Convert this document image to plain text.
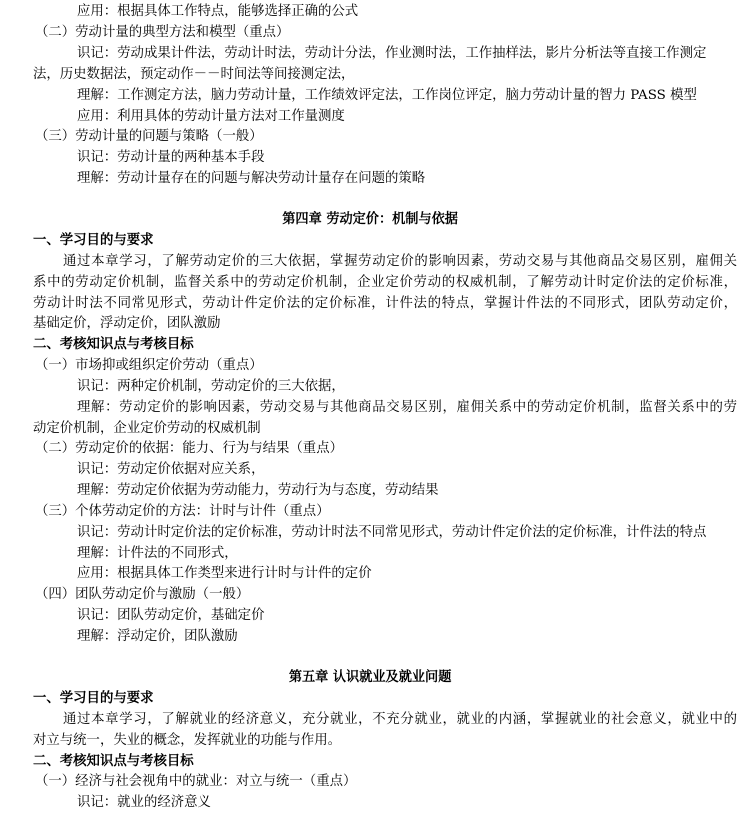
应用：根据具体工作特点，能够选择正确的公式
（二）劳动计量的典型方法和模型（重点）
识记：劳动成果计件法，劳动计时法，劳动计分法，作业测时法，工作抽样法，影片分析法等直接工作测定
法，历史数据法，预定动作－－时间法等间接测定法，
理解：工作测定方法，脑力劳动计量，工作绩效评定法，工作岗位评定，脑力劳动计量的智力 PASS 模型
应用：利用具体的劳动计量方法对工作量测度
（三）劳动计量的问题与策略（一般）
识记：劳动计量的两种基本手段
理解：劳动计量存在的问题与解决劳动计量存在问题的策略
第四章 劳动定价：机制与依据
一、学习目的与要求
通过本章学习，了解劳动定价的三大依据，掌握劳动定价的影响因素，劳动交易与其他商品交易区别，雇佣关
系中的劳动定价机制，监督关系中的劳动定价机制，企业定价劳动的权威机制，了解劳动计时定价法的定价标准，
劳动计时法不同常见形式，劳动计件定价法的定价标准，计件法的特点，掌握计件法的不同形式，团队劳动定价，
基础定价，浮动定价，团队激励
二、考核知识点与考核目标
（一）市场抑或组织定价劳动（重点）
识记：两种定价机制，劳动定价的三大依据，
理解：劳动定价的影响因素，劳动交易与其他商品交易区别，雇佣关系中的劳动定价机制，监督关系中的劳
动定价机制，企业定价劳动的权威机制
（二）劳动定价的依据：能力、行为与结果（重点）
识记：劳动定价依据对应关系，
理解：劳动定价依据为劳动能力，劳动行为与态度，劳动结果
（三）个体劳动定价的方法：计时与计件（重点）
识记：劳动计时定价法的定价标准，劳动计时法不同常见形式，劳动计件定价法的定价标准，计件法的特点
理解：计件法的不同形式，
应用：根据具体工作类型来进行计时与计件的定价
（四）团队劳动定价与激励（一般）
识记：团队劳动定价，基础定价
理解：浮动定价，团队激励
第五章 认识就业及就业问题
一、学习目的与要求
通过本章学习，了解就业的经济意义，充分就业，不充分就业，就业的内涵，掌握就业的社会意义，就业中的
对立与统一，失业的概念，发挥就业的功能与作用。
二、考核知识点与考核目标
（一）经济与社会视角中的就业：对立与统一（重点）
识记：就业的经济意义
